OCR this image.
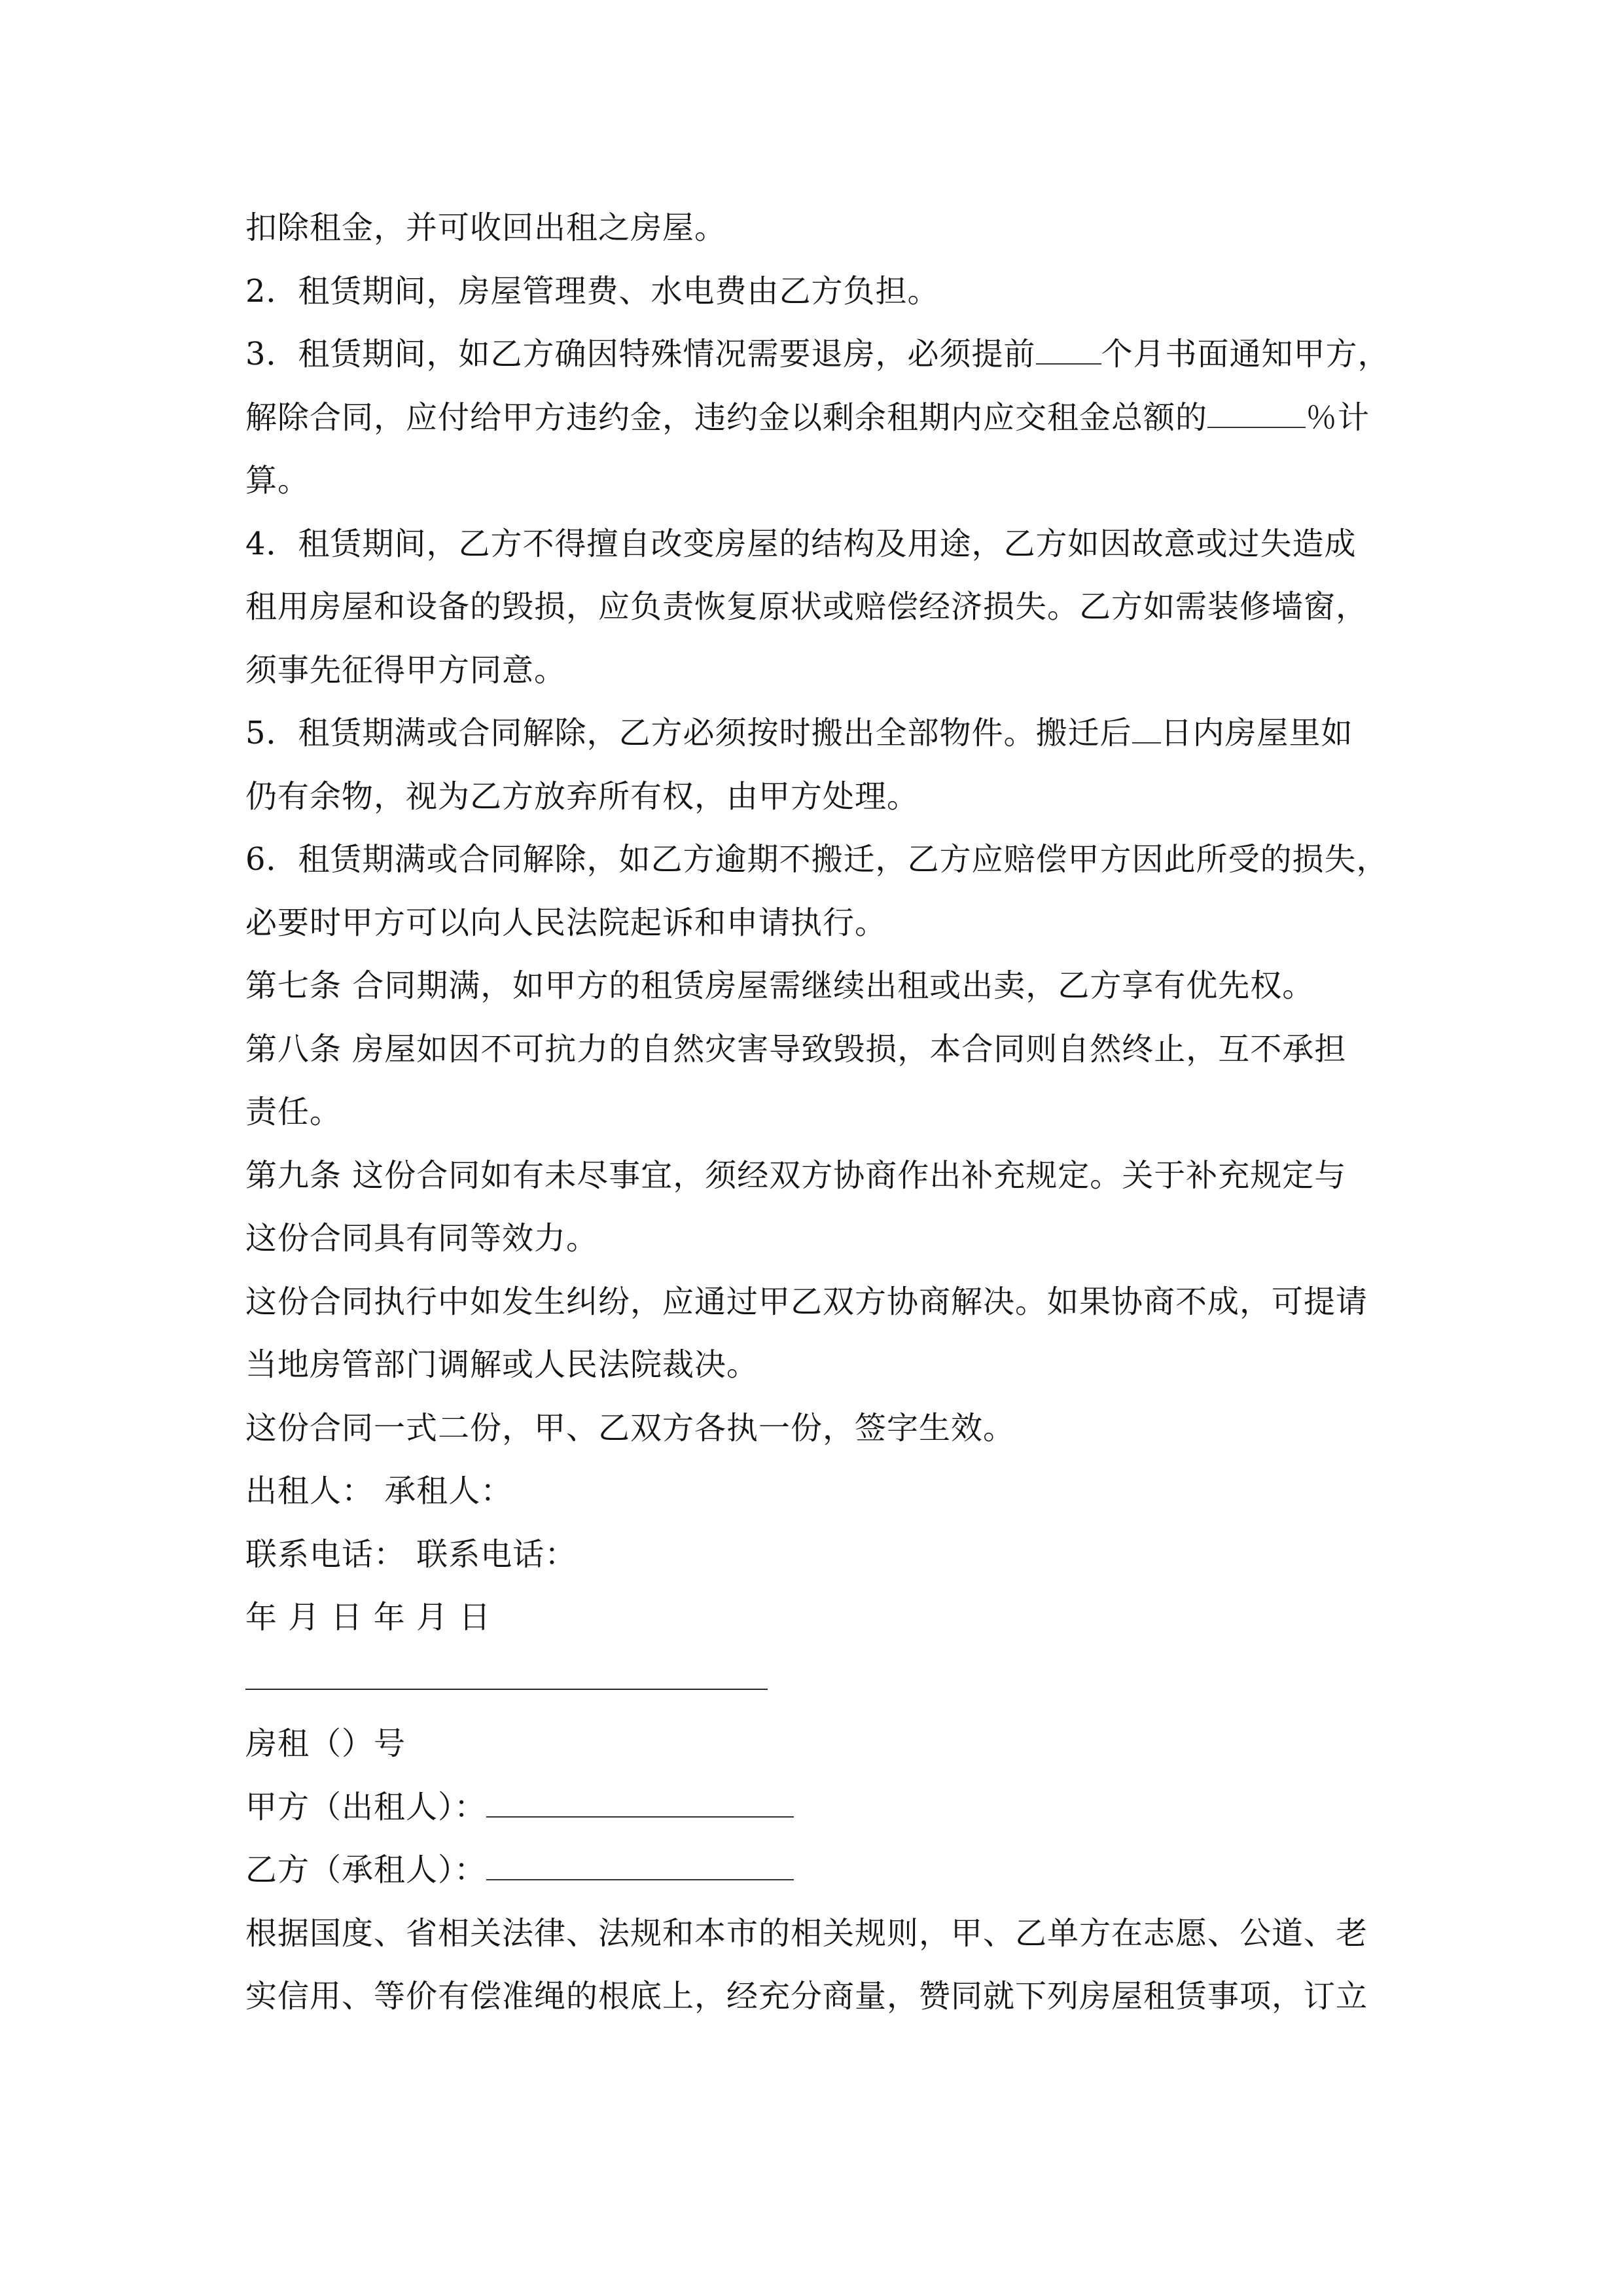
扣除租金，并可收回出租之房屋。
2．租赁期间，房屋管理费、水电费由乙方负担。
3．租赁期间，如乙方确因特殊情况需要退房，必须提前 个月书面通知甲方，
解除合同，应付给甲方违约金，违约金以剩余租期内应交租金总额的	％计
算。
4．租赁期间，乙方不得擅自改变房屋的结构及用途，乙方如因故意或过失造成
租用房屋和设备的毁损，应负责恢复原状或赔偿经济损失。乙方如需装修墙窗，
须事先征得甲方同意。
5．租赁期满或合同解除，乙方必须按时搬出全部物件。搬迁后 日内房屋里如
仍有余物，视为乙方放弃所有权，由甲方处理。
6．租赁期满或合同解除，如乙方逾期不搬迁，乙方应赔偿甲方因此所受的损失，
必要时甲方可以向人民法院起诉和申请执行。
第七条 合同期满，如甲方的租赁房屋需继续出租或出卖，乙方享有优先权。
第八条 房屋如因不可抗力的自然灾害导致毁损，本合同则自然终止，互不承担
责任。
第九条 这份合同如有未尽事宜，须经双方协商作出补充规定。关于补充规定与
这份合同具有同等效力。
这份合同执行中如发生纠纷，应通过甲乙双方协商解决。如果协商不成，可提请
当地房管部门调解或人民法院裁决。
这份合同一式二份，甲、乙双方各执一份，签字生效。
出租人： 承租人：
联系电话： 联系电话：
年 月 日 年 月 日
房租（）号
甲方（出租人）：
乙方（承租人）：
根据国度、省相关法律、法规和本市的相关规则，甲、乙单方在志愿、公道、老
实信用、等价有偿准绳的根底上，经充分商量，赞同就下列房屋租赁事项，订立
